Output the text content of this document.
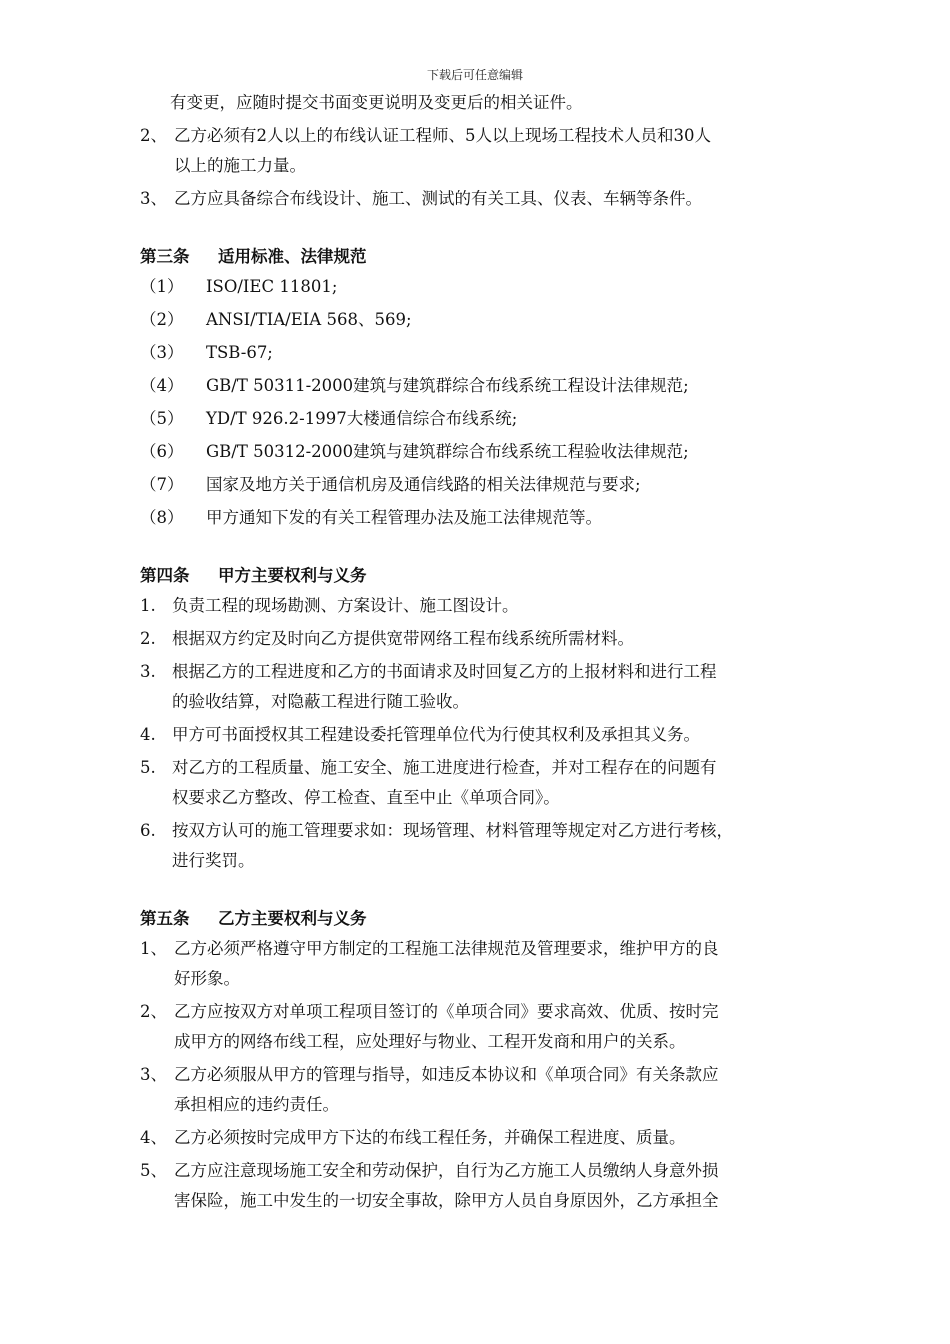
下载后可任意编辑
有变更，应随时提交书面变更说明及变更后的相关证件。
2、 乙方必须有2人以上的布线认证工程师、5人以上现场工程技术人员和30人
以上的施工力量。
3、 乙方应具备综合布线设计、施工、测试的有关工具、仪表、车辆等条件。
第三条 适用标准、法律规范
（1）	ISO/IEC 11801;
（2）	ANSI/TIA/EIA 568、569;
（3）	TSB-67;
（4）	GB/T 50311-2000建筑与建筑群综合布线系统工程设计法律规范;
（5）	YD/T 926.2-1997大楼通信综合布线系统;
（6）	GB/T 50312-2000建筑与建筑群综合布线系统工程验收法律规范;
（7）	国家及地方关于通信机房及通信线路的相关法律规范与要求;
（8）	甲方通知下发的有关工程管理办法及施工法律规范等。
第四条 甲方主要权利与义务
1. 负责工程的现场勘测、方案设计、施工图设计。
2. 根据双方约定及时向乙方提供宽带网络工程布线系统所需材料。
3. 根据乙方的工程进度和乙方的书面请求及时回复乙方的上报材料和进行工程
的验收结算，对隐蔽工程进行随工验收。
4. 甲方可书面授权其工程建设委托管理单位代为行使其权利及承担其义务。
5. 对乙方的工程质量、施工安全、施工进度进行检查，并对工程存在的问题有
权要求乙方整改、停工检查、直至中止《单项合同》。
6. 按双方认可的施工管理要求如：现场管理、材料管理等规定对乙方进行考核，
进行奖罚。
第五条 乙方主要权利与义务
1、 乙方必须严格遵守甲方制定的工程施工法律规范及管理要求，维护甲方的良
好形象。
2、 乙方应按双方对单项工程项目签订的《单项合同》要求高效、优质、按时完
成甲方的网络布线工程，应处理好与物业、工程开发商和用户的关系。
3、 乙方必须服从甲方的管理与指导，如违反本协议和《单项合同》有关条款应
承担相应的违约责任。
4、 乙方必须按时完成甲方下达的布线工程任务，并确保工程进度、质量。
5、 乙方应注意现场施工安全和劳动保护，自行为乙方施工人员缴纳人身意外损
害保险，施工中发生的一切安全事故，除甲方人员自身原因外，乙方承担全
